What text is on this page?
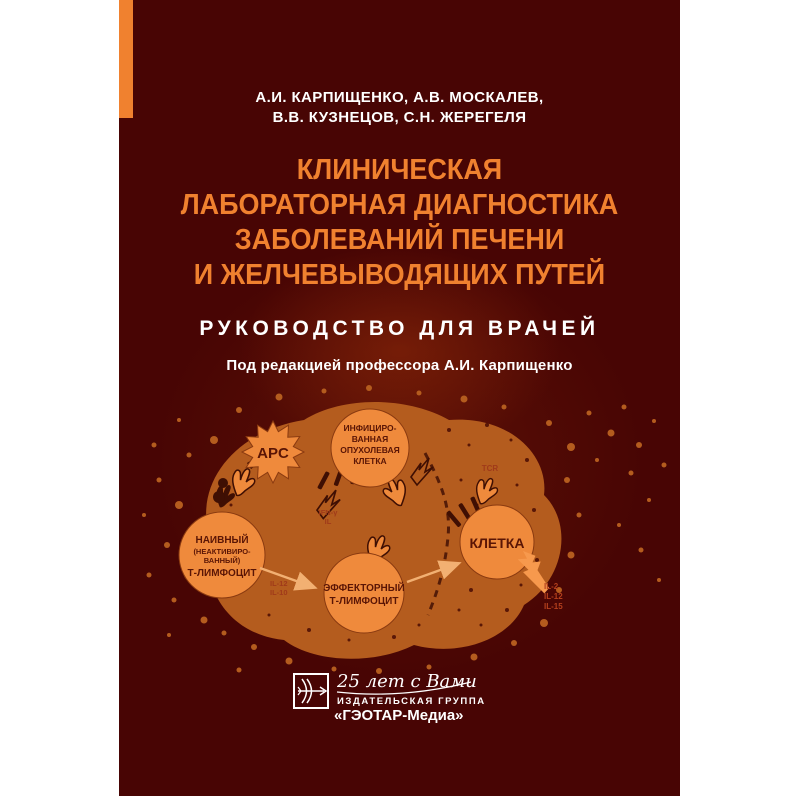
А.И. КАРПИЩЕНКО, А.В. МОСКАЛЕВ,
В.В. КУЗНЕЦОВ, С.Н. ЖЕРЕГЕЛЯ
КЛИНИЧЕСКАЯ
ЛАБОРАТОРНАЯ ДИАГНОСТИКА
ЗАБОЛЕВАНИЙ ПЕЧЕНИ
И ЖЕЛЧЕВЫВОДЯЩИХ ПУТЕЙ
РУКОВОДСТВО ДЛЯ ВРАЧЕЙ
Под редакцией профессора А.И. Карпищенко
APC
ИНФИЦИРО-
ВАННАЯ
ОПУХОЛЕВАЯ
КЛЕТКА
НАИВНЫЙ
(НЕАКТИВИРО-
ВАННЫЙ)
Т-ЛИМФОЦИТ
ЭФФЕКТОРНЫЙ
Т-ЛИМФОЦИТ
КЛЕТКА
TCR
IFN-γ
IL
IL-12
IL-10
IL-2
IL-12
IL-15
25 лет с Вами
ИЗДАТЕЛЬСКАЯ ГРУППА
«ГЭОТАР-Медиа»
